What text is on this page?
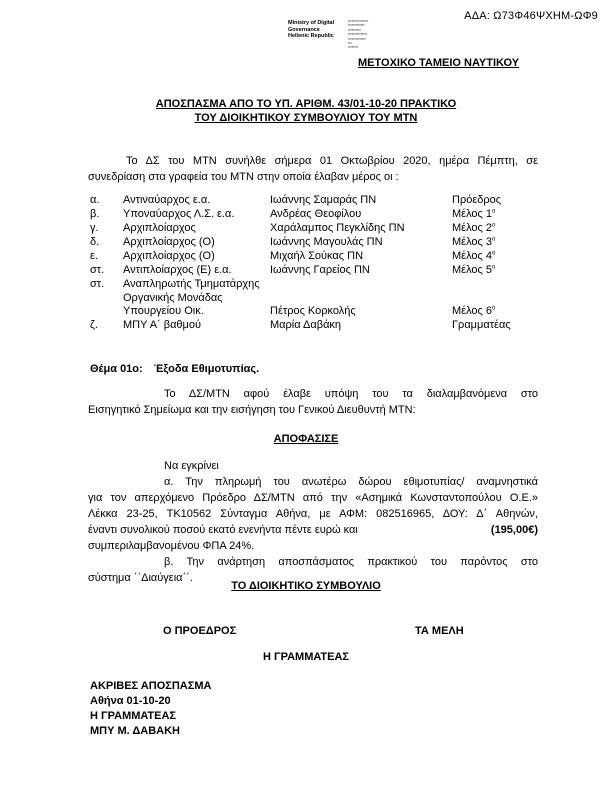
ΑΔΑ: Ω73Φ46ΨΧΗΜ-ΩΦ9
Ministry of Digital
Governance
Hellenic Republic
▪▪▪▪▪▪▪▪▪▪▪▪▪▪▪▪
▪▪▪▪▪▪▪▪▪▪▪▪▪
▪▪▪▪▪▪▪▪▪▪
▪▪▪▪▪▪▪▪▪▪▪▪▪▪▪
▪▪▪▪▪▪▪▪▪▪▪▪▪▪
▪▪▪
▪▪▪▪▪▪▪▪
ΜΕΤΟΧΙΚΟ ΤΑΜΕΙΟ ΝΑΥΤΙΚΟΥ
ΑΠΟΣΠΑΣΜΑ ΑΠΟ ΤΟ ΥΠ. ΑΡΙΘΜ. 43/01-10-20 ΠΡΑΚΤΙΚΟ
ΤΟΥ ΔΙΟΙΚΗΤΙΚΟΥ ΣΥΜΒΟΥΛΙΟΥ ΤΟΥ ΜΤΝ
Το ΔΣ του ΜΤΝ συνήλθε σήμερα 01 Οκτωβρίου 2020, ημέρα Πέμπτη, σε
συνεδρίαση στα γραφεία του ΜΤΝ στην οποία έλαβαν μέρος οι :
α. Αντιναύαρχος ε.α.	Ιωάννης Σαμαράς ΠΝ	Πρόεδρος
β. Υποναύαρχος Λ.Σ. ε.α.	Ανδρέας Θεοφίλου	Μέλος $1^o$
γ. Αρχιπλοίαρχος	Χαράλαμπος Πεγκλίδης ΠΝ	Μέλος $2^o$
δ. Αρχιπλοίαρχος (Ο)	Ιωάννης Μαγουλάς ΠΝ	Μέλος $3^o$
ε. Αρχιπλοίαρχος (Ο)	Μιχαήλ Σούκας ΠΝ	Μέλος $4^o$
στ. Αντιπλοίαρχος (Ε) ε.α.	Ιωάννης Γαρείος ΠΝ	Μέλος $5^o$
στ. Αναπληρωτής Τμηματάρχης
Οργανικής Μονάδας
Υπουργείου Οικ.	Πέτρος Κορκολής	Μέλος $6^o$
ζ. ΜΠΥ Α΄ βαθμού	Μαρία Δαβάκη	Γραμματέας
Θέμα 01ο: Έξοδα Εθιμοτυπίας.
Το ΔΣ/ΜΤΝ αφού έλαβε υπόψη του τα διαλαμβανόμενα στο
Εισηγητικό Σημείωμα και την εισήγηση του Γενικού Διευθυντή ΜΤΝ:
ΑΠΟΦΑΣΙΣΕ
Να εγκρίνει
α. Την πληρωμή του ανωτέρω δώρου εθιμοτυπίας/ αναμνηστικά
για τον απερχόμενο Πρόεδρο ΔΣ/ΜΤΝ από την «Ασημικά Κωνσταντοπούλου Ο.Ε.»
Λέκκα 23-25, ΤΚ10562 Σύνταγμα Αθήνα, με ΑΦΜ: 082516965, ΔΟΥ: Δ΄ Αθηνών,
έναντι συνολικού ποσού εκατό ενενήντα πέντε ευρώ και	(195,00€)
συμπεριλαμβανομένου ΦΠΑ 24%.
β. Την ανάρτηση αποσπάσματος πρακτικού του παρόντος στο
σύστημα ΄΄Διαύγεια΄΄.
ΤΟ ΔΙΟΙΚΗΤΙΚΟ ΣΥΜΒΟΥΛΙΟ
Ο ΠΡΟΕΔΡΟΣ	ΤΑ ΜΕΛΗ
Η ΓΡΑΜΜΑΤΕΑΣ
ΑΚΡΙΒΕΣ ΑΠΟΣΠΑΣΜΑ
Αθήνα 01-10-20
Η ΓΡΑΜΜΑΤΕΑΣ
ΜΠΥ Μ. ΔΑΒΑΚΗ
